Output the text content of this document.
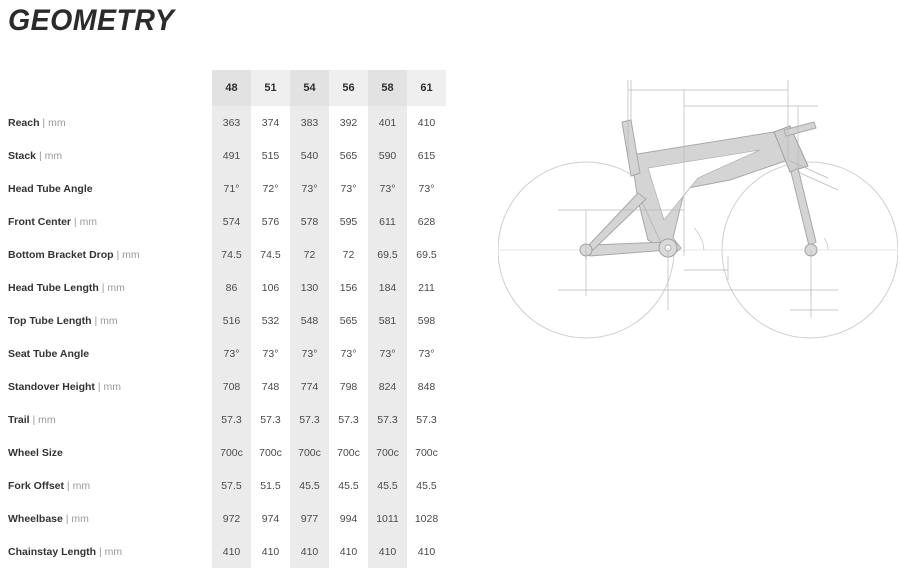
GEOMETRY
	48	51	54	56	58	61
Reach | mm	363	374	383	392	401	410
Stack | mm	491	515	540	565	590	615
Head Tube Angle	71°	72°	73°	73°	73°	73°
Front Center | mm	574	576	578	595	611	628
Bottom Bracket Drop | mm	74.5	74.5	72	72	69.5	69.5
Head Tube Length | mm	86	106	130	156	184	211
Top Tube Length | mm	516	532	548	565	581	598
Seat Tube Angle	73°	73°	73°	73°	73°	73°
Standover Height | mm	708	748	774	798	824	848
Trail | mm	57.3	57.3	57.3	57.3	57.3	57.3
Wheel Size	700c	700c	700c	700c	700c	700c
Fork Offset | mm	57.5	51.5	45.5	45.5	45.5	45.5
Wheelbase | mm	972	974	977	994	1011	1028
Chainstay Length | mm	410	410	410	410	410	410
